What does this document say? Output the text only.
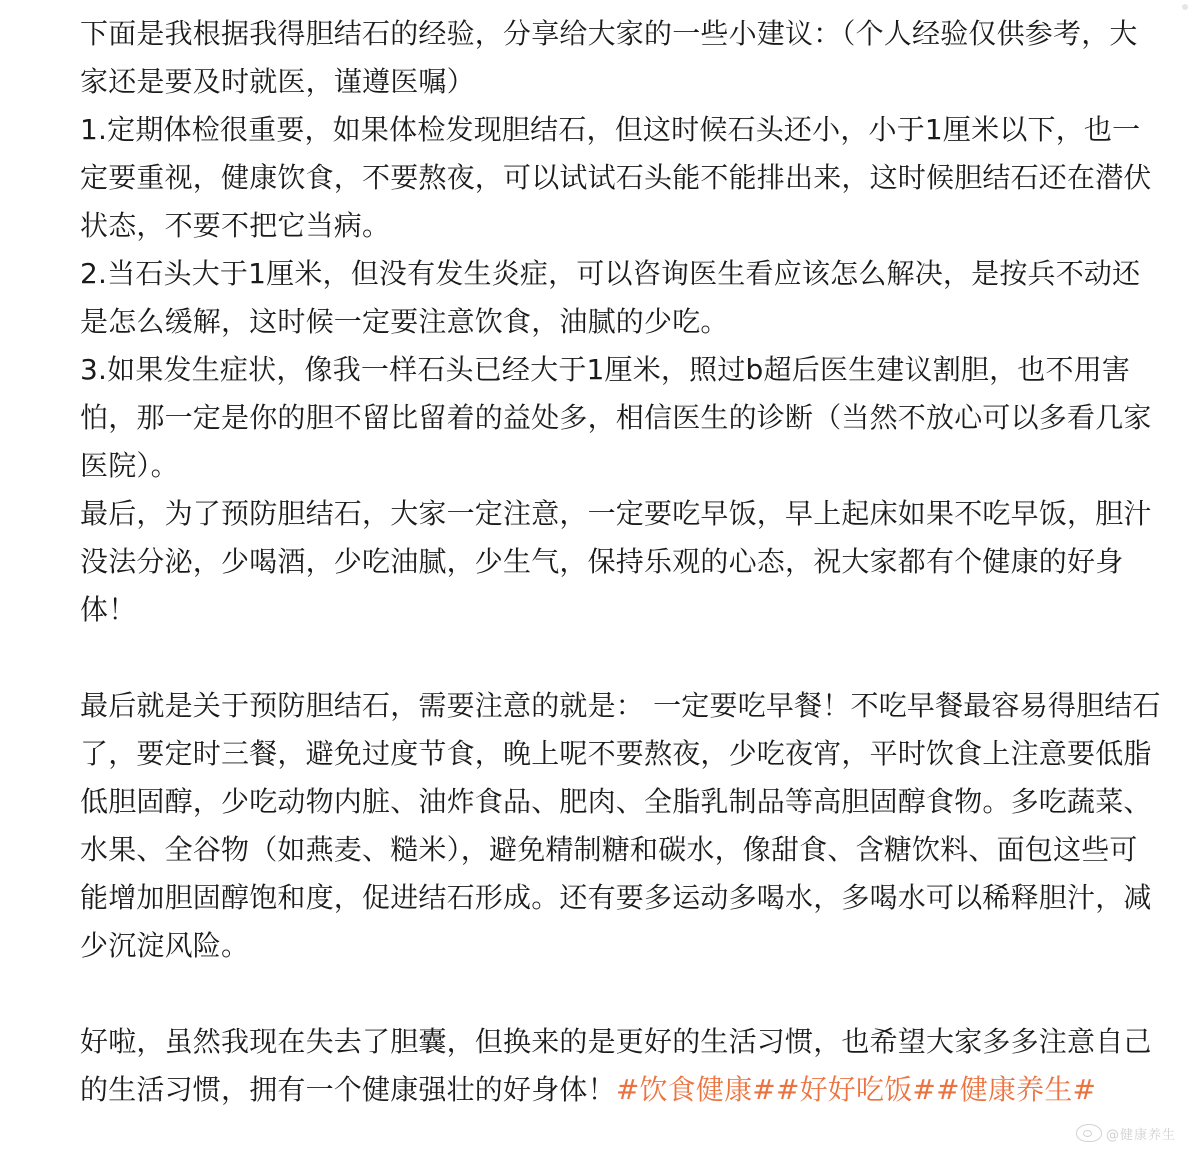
下面是我根据我得胆结石的经验，分享给大家的一些小建议：（个人经验仅供参考，大家还是要及时就医，谨遵医嘱）

1.定期体检很重要，如果体检发现胆结石，但这时候石头还小，小于1厘米以下，也一定要重视，健康饮食，不要熬夜，可以试试石头能不能排出来，这时候胆结石还在潜伏状态，不要不把它当病。

2.当石头大于1厘米，但没有发生炎症，可以咨询医生看应该怎么解决，是按兵不动还是怎么缓解，这时候一定要注意饮食，油腻的少吃。

3.如果发生症状，像我一样石头已经大于1厘米，照过b超后医生建议割胆，也不用害怕，那一定是你的胆不留比留着的益处多，相信医生的诊断（当然不放心可以多看几家医院）。

最后，为了预防胆结石，大家一定注意，一定要吃早饭，早上起床如果不吃早饭，胆汁没法分泌，少喝酒，少吃油腻，少生气，保持乐观的心态，祝大家都有个健康的好身体！

最后就是关于预防胆结石，需要注意的就是： 一定要吃早餐！不吃早餐最容易得胆结石了，要定时三餐，避免过度节食，晚上呢不要熬夜，少吃夜宵，平时饮食上注意要低脂低胆固醇，少吃动物内脏、油炸食品、肥肉、全脂乳制品等高胆固醇食物。多吃蔬菜、水果、全谷物（如燕麦、糙米），避免精制糖和碳水，像甜食、含糖饮料、面包这些可能增加胆固醇饱和度，促进结石形成。还有要多运动多喝水，多喝水可以稀释胆汁，减少沉淀风险。

好啦，虽然我现在失去了胆囊，但换来的是更好的生活习惯，也希望大家多多注意自己的生活习惯，拥有一个健康强壮的好身体！#饮食健康##好好吃饭##健康养生#

@健康养生
